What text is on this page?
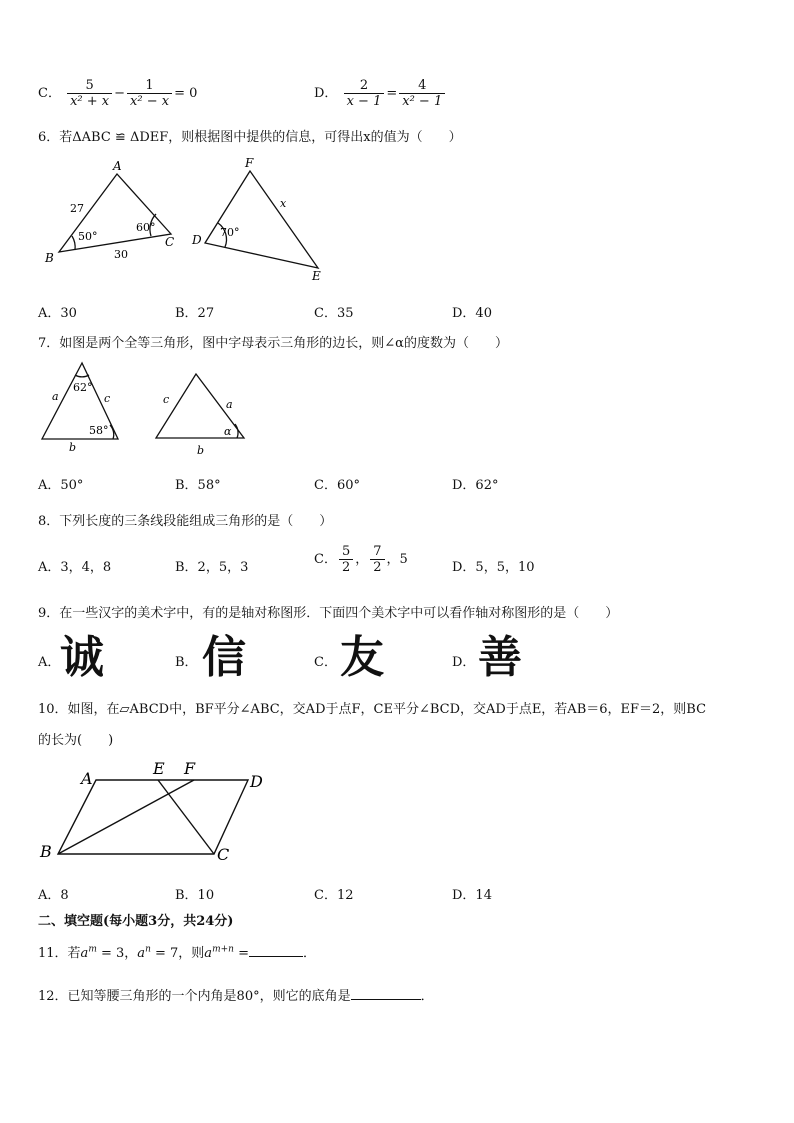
C． $\frac{5}{\text{x² + x}} - \frac{1}{\text{x² − x}} = 0$	D． $\frac{2}{x - 1} = \frac{4}{\text{x² − 1}}$
6．若ΔABC ≌ ΔDEF，则根据图中提供的信息，可得出x的值为（　　）
A
B
C
27
30
50°
60°
F
D
E
70°
x
A．30	B．27	C．35	D．40
7．如图是两个全等三角形，图中字母表示三角形的边长，则∠α的度数为（　　）
62°
58°
a	c
b
c	a
b
α
A．50°	B．58°	C．60°	D．62°
8．下列长度的三条线段能组成三角形的是（　　）
A．3，4，8	B．2，5，3
C． $\frac{5}{2}$ ， $\frac{7}{2}$ ，5
D．5，5，10
9．在一些汉字的美术字中，有的是轴对称图形．下面四个美术字中可以看作轴对称图形的是（　　）
A． 诚	B． 信	C． 友	D． 善
10．如图，在▱ABCD中，BF平分∠ABC，交AD于点F，CE平分∠BCD，交AD于点E，若AB＝6，EF＝2，则BC
的长为(　　)
A
E F
D
B	C
A．8	B．10	C．12	D．14
二、填空题(每小题3分，共24分)
11．若$a^m = 3$，$a^n = 7$，则$a^{m+n}$ =	．
12．已知等腰三角形的一个内角是80°，则它的底角是	．
